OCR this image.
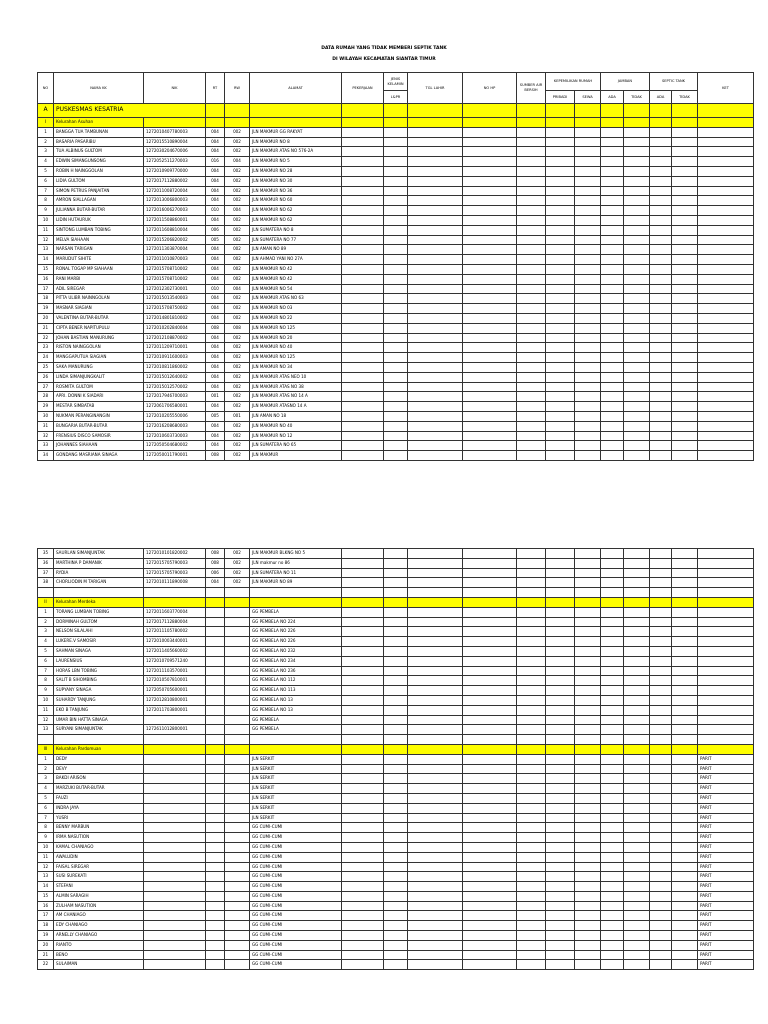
DATA RUMAH YANG TIDAK MEMBERI SEPTIK TANK
DI WILAYAH KECAMATAN SIANTAR TIMUR
NO	NAMA KK	NIK	RT	RW	ALAMAT	PEKERJAAN	JENIS KELAMIN	TGL LAHIR	NO HP	SUMBER AIR BERSIH	KEPEMILIKAN RUMAH		JAMBAN		SEPTIC TANK		KET
							L&PR				PRIBADI	SEWA	ADA	TIDAK	ADA	TIDAK	
A	PUSKESMAS KESATRIA																
I	Kelurahan Asuhan																
1	BANGGA TUA TAMBUNAN	1272010407780003	004	002	JLN MAKMUR GG RAKYAT												
2	BASARIA PASARIBU	1272015510890004	004	002	JLN MAKMUR NO 8												
3	TUA ALBINUS GULTOM	1272030204670006	004	002	JLN MAKMUR ATAS NO 576-2A												
4	EDWIN SIMANGUNSONG	1272052511270003	016	004	JLN MAKMUR NO 5												
5	ROBIN H NAINGGOLAN	1272010909770000	004	002	JLN MAKMUR NO 28												
6	LIDIA GULTOM	1272017112880002	004	002	JLN MAKMUR NO 30												
7	SIMON PETRUS PANJAITAN	1272011008720004	004	002	JLN MAKMUR NO 36												
8	AMRON SIALLAGAN	1272013006800003	004	002	JLN MAKMUR NO 60												
9	JULIANNA BUTAR-BUTAR	1272016006270003	010	004	JLN MAKMUR NO 62												
10	LIDIN HUTAURUK	1272011508860001	004	002	JLN MAKMUR NO 62												
11	SINTONG LUMBAN TOBING	1272011608810004	006	002	JLN SUMATERA NO 8												
12	MELVA SIAHAAN	1272015206820002	005	002	JLN SUMATERA NO 77												
13	NARSAN TARIGAN	1272011303870004	004	002	JLN AMAN NO 89												
14	MARUDUT SIHITE	1272011010870003	004	002	JLN AHMAD YANI NO 27A												
15	RONAL TOGAP MP SIAHAAN	1272015708710002	004	002	JLN MAKMUR NO 42												
16	RANI MARBI	1272015708710002	004	002	JLN MAKMUR NO 42												
17	ADIL SIREGAR	1272012302730001	010	004	JLN MAKMUR NO 54												
18	PITTA ULIBR NAINNGOLAN	1272015013540003	004	002	JLN MAKMUR ATAS NO 63												
19	MASNAR SIAGIAN	1272015708750002	004	002	JLN MAKMUR NO 03												
20	VALENTINA BUTAR-BUTAR	1272014801810002	004	002	JLN MAKMUR NO 22												
21	CIPTA BENER NAPITUPULU	1272010202840004	008	008	JLN MAKMUR NO 125												
22	JOHAN BASTIAN MANURUNG	1272012108870002	004	002	JLN MAKMUR NO 20												
23	RISTON NAINGGOLAN	1272011209710001	004	002	JLN MAKMUR NO 40												
24	MANGGAPUTUA SIAGIAN	1272010911600003	004	002	JLN MAKMUR NO 125												
25	SAKA MANURUNG	1272010811860002	004	002	JLN MAKMUR NO 34												
26	LINDA SIMANJUNGKALIT	1272015012640002	004	002	JLN MAKMUR ATAS NEO 10												
27	ROSMITA GULTOM	1272015012570002	004	002	JLN MAKMUR ATAS NO 38												
28	APRI. DONNI K SIADARI	1272017946700003	001	002	JLN MAKMUR ATAS NO 14 A												
29	MESTAR SIMBATAB	1272061706580001	004	002	JLN MAKMUR ATASNO 14 A												
30	NUKMAN PERANGINANGIN	1272010205550006	005	001	JLN AMAN NO 18												
31	BUNGARIA BUTAR-BUTAR	1272016208680003	004	002	JLN MAKMUR NO 40												
32	FRENSIUS DISCO SAMOSIR	1272010603730003	004	002	JLN MAKMUR NO 12												
33	JOHANNES SIAHAAN	1272050504680002	004	002	JLN SUMATERA NO 65												
34	GONDANG MASRIANA SINAGA	1272050011790001	008	002	JLN MAKMUR												
35	SAURLAN SIMANJUNTAK	1272010101820002	008	002	JLN MAKMUR BLKNG NO 5												
36	MARTHINA P DAMANIK	1272015705790003	008	002	JLN makmur no 86												
37	RYDIA	1272015705790003	006	002	JLN SUMATERA NO 11												
38	CHORLIODIN M TARIGAN	1272010111890008	004	002	JLN MAKMUR NO 89												

II	Kelurahan Merdeka																
1	TORANG LUMBAN TOBING	1272011603770004			GG PEMBELA												
2	DORMINAH GULTOM	1272017112880004			GG PEMBELA NO 224												
3	NELSON SILALAHI	1272011105780002			GG PEMBELA NO 226												
4	LUKERE.V SAMOSIR	1272010003440001			GG PEMBELA NO 226												
5	SAHMAN SINAGA	1272011405660002			GG PEMBELA NO 232												
6	LAURENSIUS	1272010709571240			GG PEMBELA NO 234												
7	HORAS LBN TOBING	1272011103570001			GG PEMBELA NO 236												
8	SALIT B SIHOMBING	1272010507810001			GG PEMBELA NO 112												
9	SUPYANY SINAGA	1272050705600001			GG PEMBELA NO 113												
10	SUHARDY TANJUNG	1272012810800001			GG PEMBELA NO 13												
11	EKO B TANJUNG	1272011703800001			GG PEMBELA NO 13												
12	UMAR BIN HATTA SINAGA				GG PEMBELA												
13	SURYANI SIMANJUNTAK	1272611012800001			GG PEMBELA												

III	Kelurahan Pardomuan																
1	DEDY				JLN SERKIT												PARIT
2	DEVY				JLN SERKIT												PARIT
3	BAKDI ARISON				JLN SERKIT												PARIT
4	MARZUKI BUTAR-BUTAR				JLN SERKIT												PARIT
5	FAUZI				JLN SERKIT												PARIT
6	INDRA JAYA				JLN SERKIT												PARIT
7	YUSRI				JLN SERKIT												PARIT
8	BENNY MARBUN				GG CUMI-CUMI												PARIT
9	IRMA NASUTION				GG CUMI-CUMI												PARIT
10	KAMAL CHANIAGO				GG CUMI-CUMI												PARIT
11	AWALUDIN				GG CUMI-CUMI												PARIT
12	FAISAL SIREGAR				GG CUMI-CUMI												PARIT
13	SUSI SUREKATI				GG CUMI-CUMI												PARIT
14	STEFANI				GG CUMI-CUMI												PARIT
15	ALMIN SARAGIH				GG CUMI-CUMI												PARIT
16	ZULHAM NASUTION				GG CUMI-CUMI												PARIT
17	AM CHANIAGO				GG CUMI-CUMI												PARIT
18	EDY CHANIAGO				GG CUMI-CUMI												PARIT
19	ARNELLY CHANIAGO				GG CUMI-CUMI												PARIT
20	RIANTO				GG CUMI-CUMI												PARIT
21	BENO				GG CUMI-CUMI												PARIT
22	SULAIMAN				GG CUMI-CUMI												PARIT
